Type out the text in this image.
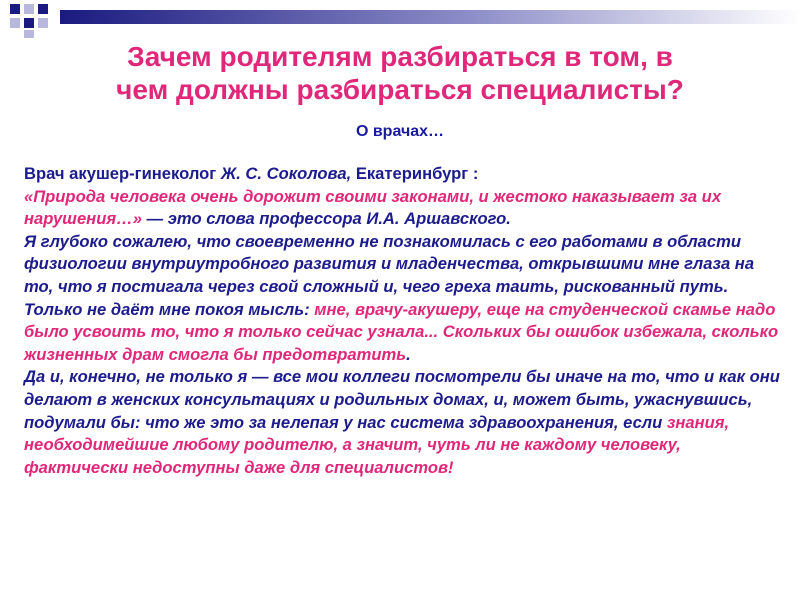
Зачем родителям разбираться в том, в
чем должны разбираться специалисты?

О врачах…

Врач акушер-гинеколог Ж. С. Соколова, Екатеринбург :
«Природа человека очень дорожит своими законами, и жестоко наказывает за их нарушения…» — это слова профессора И.А. Аршавского.
Я глубоко сожалею, что своевременно не познакомилась с его работами в области физиологии внутриутробного развития и младенчества, открывшими мне глаза на то, что я постигала через свой сложный и, чего греха таить, рискованный путь. Только не даёт мне покоя мысль: мне, врачу-акушеру, еще на студенческой скамье надо было усвоить то, что я только сейчас узнала... Скольких бы ошибок избежала, сколько жизненных драм смогла бы предотвратить.
Да и, конечно, не только я — все мои коллеги посмотрели бы иначе на то, что и как они делают в женских консультациях и родильных домах, и, может быть, ужаснувшись, подумали бы: что же это за нелепая у нас система здравоохранения, если знания, необходимейшие любому родителю, а значит, чуть ли не каждому человеку, фактически недоступны даже для специалистов!
